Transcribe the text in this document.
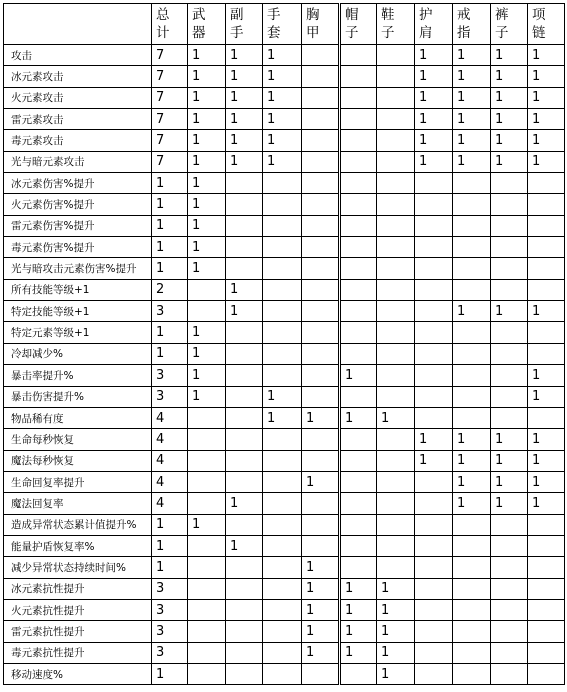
	总计	武器	副手	手套	胸甲	帽子	鞋子	护肩	戒指	裤子	项链

攻击	7	1	1	1				1	1	1	1
冰元素攻击	7	1	1	1				1	1	1	1
火元素攻击	7	1	1	1				1	1	1	1
雷元素攻击	7	1	1	1				1	1	1	1
毒元素攻击	7	1	1	1				1	1	1	1
光与暗元素攻击	7	1	1	1				1	1	1	1
冰元素伤害%提升	1	1									
火元素伤害%提升	1	1									
雷元素伤害%提升	1	1									
毒元素伤害%提升	1	1									
光与暗攻击元素伤害%提升	1	1									
所有技能等级+1	2		1								
特定技能等级+1	3		1						1	1	1
特定元素等级+1	1	1									
冷却减少%	1	1									
暴击率提升%	3	1				1					1
暴击伤害提升%	3	1		1							1
物品稀有度	4			1	1	1	1				
生命每秒恢复	4							1	1	1	1
魔法每秒恢复	4							1	1	1	1
生命回复率提升	4				1				1	1	1
魔法回复率	4		1						1	1	1
造成异常状态累计值提升%	1	1									
能量护盾恢复率%	1		1								
减少异常状态持续时间%	1				1						
冰元素抗性提升	3				1	1	1				
火元素抗性提升	3				1	1	1				
雷元素抗性提升	3				1	1	1				
毒元素抗性提升	3				1	1	1				
移动速度%	1						1				
